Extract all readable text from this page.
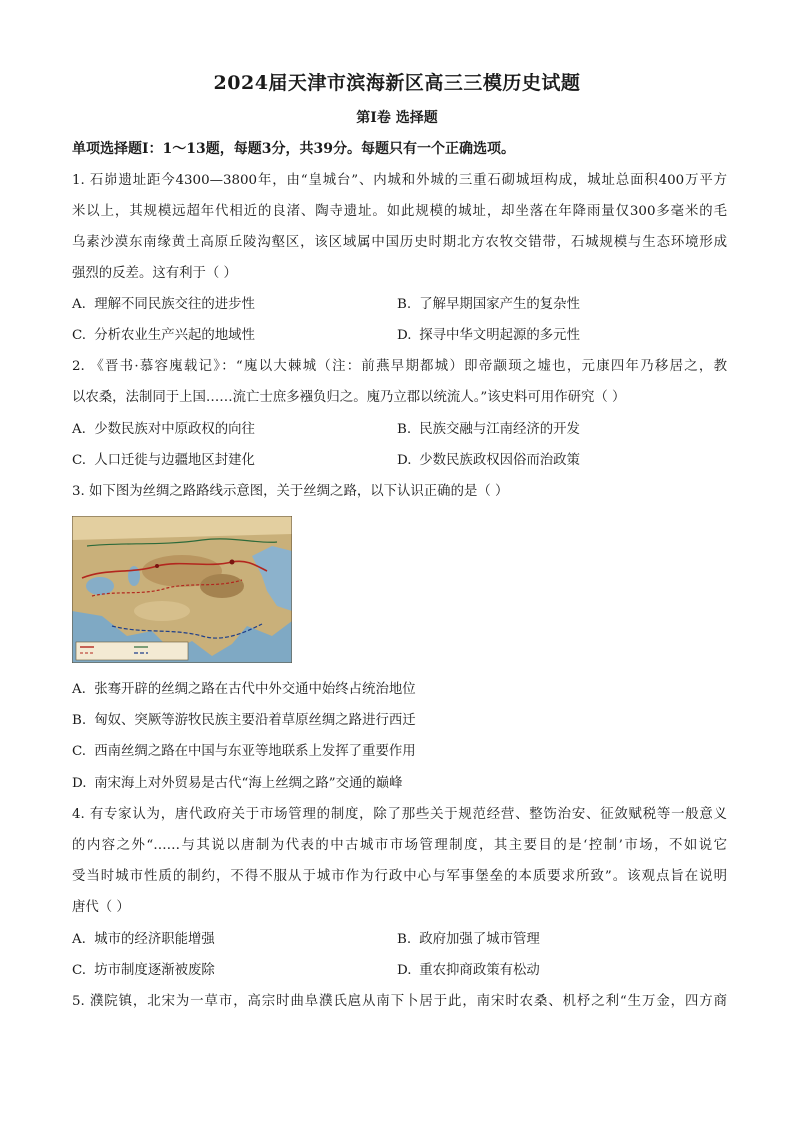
2024届天津市滨海新区高三三模历史试题
第Ⅰ卷 选择题
单项选择题Ⅰ：1～13题，每题3分，共39分。每题只有一个正确选项。
1. 石峁遗址距今4300—3800年，由“皇城台”、内城和外城的三重石砌城垣构成，城址总面积400万平方
米以上，其规模远超年代相近的良渚、陶寺遗址。如此规模的城址，却坐落在年降雨量仅300多毫米的毛
乌素沙漠东南缘黄土高原丘陵沟壑区，该区域属中国历史时期北方农牧交错带，石城规模与生态环境形成
强烈的反差。这有利于（ ）
A. 理解不同民族交往的进步性	B. 了解早期国家产生的复杂性
C. 分析农业生产兴起的地域性	D. 探寻中华文明起源的多元性
2. 《晋书·慕容廆载记》：“廆以大棘城（注：前燕早期都城）即帝颛顼之墟也，元康四年乃移居之，教
以农桑，法制同于上国……流亡士庶多襁负归之。廆乃立郡以统流人。”该史料可用作研究（ ）
A. 少数民族对中原政权的向往	B. 民族交融与江南经济的开发
C. 人口迁徙与边疆地区封建化	D. 少数民族政权因俗而治政策
3. 如下图为丝绸之路路线示意图，关于丝绸之路，以下认识正确的是（ ）
A. 张骞开辟的丝绸之路在古代中外交通中始终占统治地位
B. 匈奴、突厥等游牧民族主要沿着草原丝绸之路进行西迁
C. 西南丝绸之路在中国与东亚等地联系上发挥了重要作用
D. 南宋海上对外贸易是古代“海上丝绸之路”交通的巅峰
4. 有专家认为，唐代政府关于市场管理的制度，除了那些关于规范经营、整饬治安、征敛赋税等一般意义
的内容之外“……与其说以唐制为代表的中古城市市场管理制度，其主要目的是‘控制’市场，不如说它
受当时城市性质的制约，不得不服从于城市作为行政中心与军事堡垒的本质要求所致”。该观点旨在说明
唐代（ ）
A. 城市的经济职能增强	B. 政府加强了城市管理
C. 坊市制度逐渐被废除	D. 重农抑商政策有松动
5. 濮院镇，北宋为一草市，高宗时曲阜濮氏扈从南下卜居于此，南宋时农桑、机杼之利“生万金，四方商
